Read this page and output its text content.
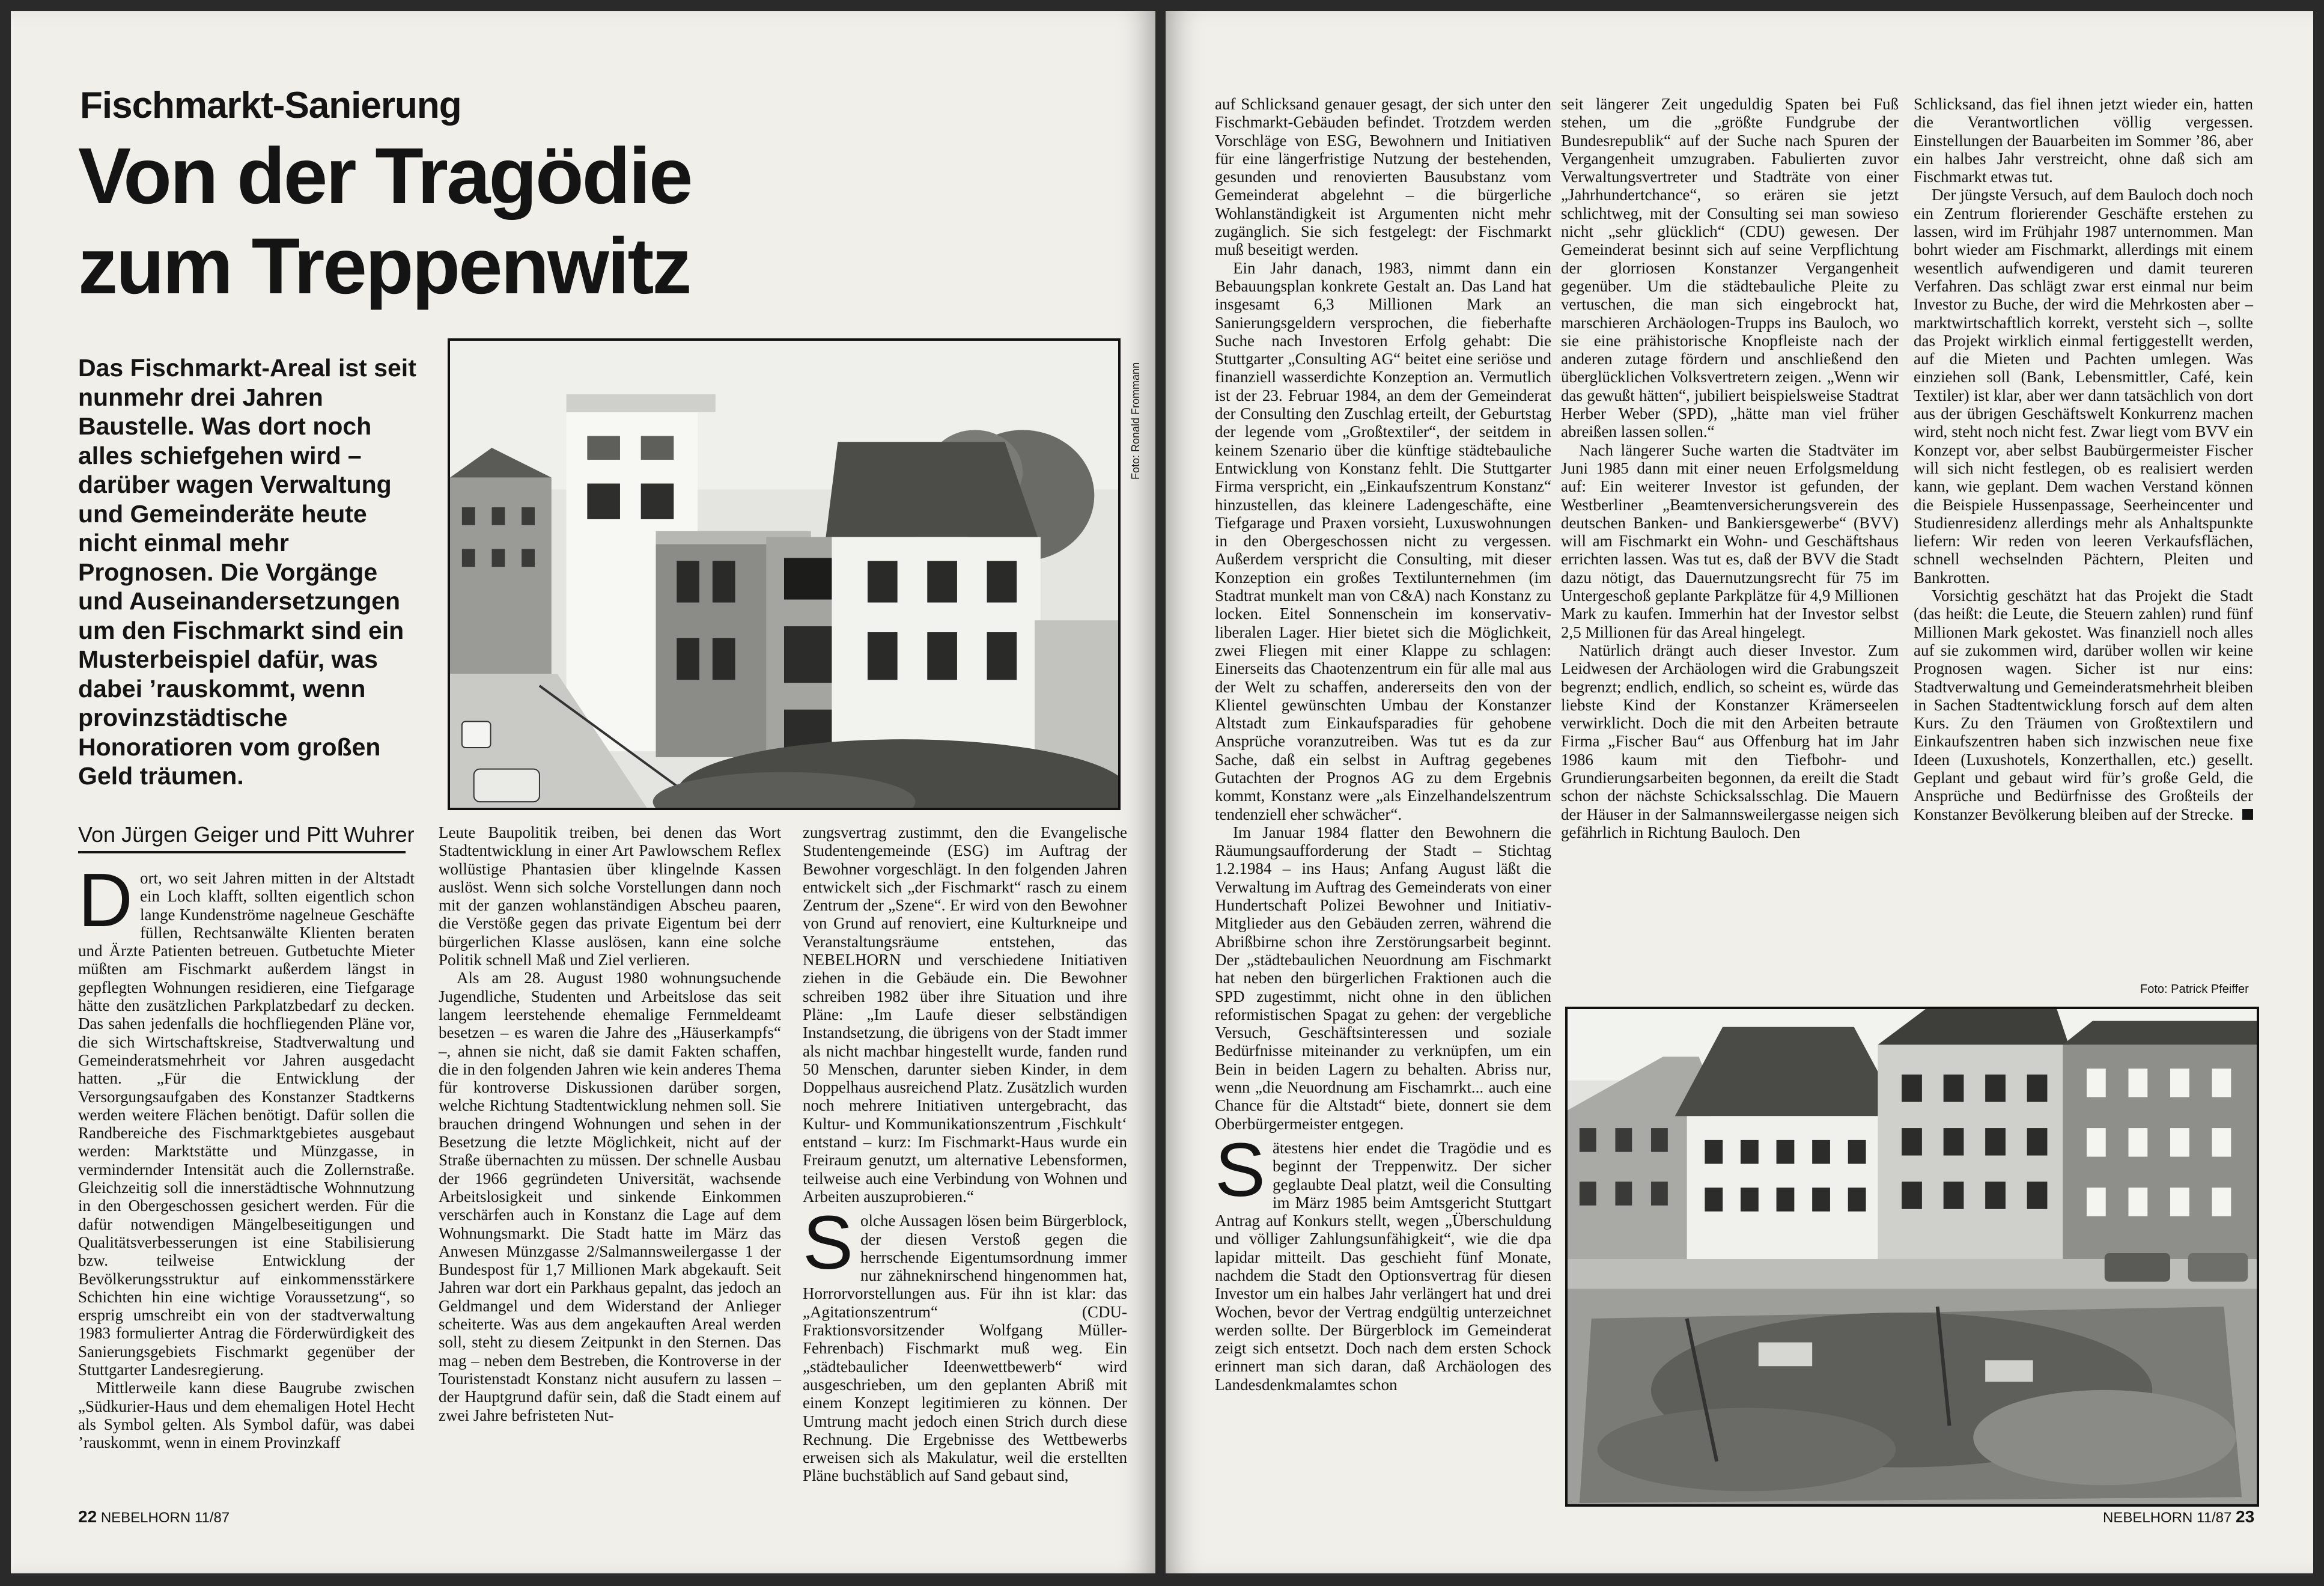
Fischmarkt-Sanierung
Von der Tragödie
zum Treppenwitz
Das Fischmarkt-Areal ist seit
nunmehr drei Jahren
Baustelle. Was dort noch
alles schiefgehen wird –
darüber wagen Verwaltung
und Gemeinderäte heute
nicht einmal mehr
Prognosen. Die Vorgänge
und Auseinandersetzungen
um den Fischmarkt sind ein
Musterbeispiel dafür, was
dabei ’rauskommt, wenn
provinzstädtische
Honoratioren vom großen
Geld träumen.
Foto: Ronald Frommann
Von Jürgen Geiger und Pitt Wuhrer

Dort, wo seit Jahren mitten in der Altstadt ein Loch klafft, sollten eigentlich schon lange Kundenströme nagelneue Geschäfte füllen, Rechtsanwälte Klienten beraten und Ärzte Patienten betreuen. Gutbetuchte Mieter müßten am Fischmarkt außerdem längst in gepflegten Wohnungen residieren, eine Tiefgarage hätte den zusätzlichen Parkplatzbedarf zu decken. Das sahen jedenfalls die hochfliegenden Pläne vor, die sich Wirtschaftskreise, Stadtverwaltung und Gemeinderatsmehrheit vor Jahren ausgedacht hatten. „Für die Entwicklung der Versorgungsaufgaben des Konstanzer Stadtkerns werden weitere Flächen benötigt. Dafür sollen die Randbereiche des Fischmarktgebietes ausgebaut werden: Marktstätte und Münzgasse, in vermindernder Intensität auch die Zollernstraße. Gleichzeitig soll die innerstädtische Wohnnutzung in den Obergeschossen gesichert werden. Für die dafür notwendigen Mängelbeseitigungen und Qualitätsverbesserungen ist eine Stabilisierung bzw. teilweise Entwicklung der Bevölkerungsstruktur auf einkommensstärkere Schichten hin eine wichtige Voraussetzung“, so ersprig umschreibt ein von der stadtverwaltung 1983 formulierter Antrag die Förderwürdigkeit des Sanierungsgebiets Fischmarkt gegenüber der Stuttgarter Landesregierung.

Mittlerweile kann diese Baugrube zwischen „Südkurier-Haus und dem ehemaligen Hotel Hecht als Symbol gelten. Als Symbol dafür, was dabei ’rauskommt, wenn in einem Provinzkaff

Leute Baupolitik treiben, bei denen das Wort Stadtentwicklung in einer Art Pawlowschem Reflex wollüstige Phantasien über klingelnde Kassen auslöst. Wenn sich solche Vorstellungen dann noch mit der ganzen wohlanständigen Abscheu paaren, die Verstöße gegen das private Eigentum bei derr bürgerlichen Klasse auslösen, kann eine solche Politik schnell Maß und Ziel verlieren.

Als am 28. August 1980 wohnungsuchende Jugendliche, Studenten und Arbeitslose das seit langem leerstehende ehemalige Fernmeldeamt besetzen – es waren die Jahre des „Häuserkampfs“ –, ahnen sie nicht, daß sie damit Fakten schaffen, die in den folgenden Jahren wie kein anderes Thema für kontroverse Diskussionen darüber sorgen, welche Richtung Stadtentwicklung nehmen soll. Sie brauchen dringend Wohnungen und sehen in der Besetzung die letzte Möglichkeit, nicht auf der Straße übernachten zu müssen. Der schnelle Ausbau der 1966 gegründeten Universität, wachsende Arbeitslosigkeit und sinkende Einkommen verschärfen auch in Konstanz die Lage auf dem Wohnungsmarkt. Die Stadt hatte im März das Anwesen Münzgasse 2/Salmannsweilergasse 1 der Bundespost für 1,7 Millionen Mark abgekauft. Seit Jahren war dort ein Parkhaus gepalnt, das jedoch an Geldmangel und dem Widerstand der Anlieger scheiterte. Was aus dem angekauften Areal werden soll, steht zu diesem Zeitpunkt in den Sternen. Das mag – neben dem Bestreben, die Kontroverse in der Touristenstadt Konstanz nicht ausufern zu lassen – der Hauptgrund dafür sein, daß die Stadt einem auf zwei Jahre befristeten Nut-

zungsvertrag zustimmt, den die Evangelische Studentengemeinde (ESG) im Auftrag der Bewohner vorgeschlägt. In den folgenden Jahren entwickelt sich „der Fischmarkt“ rasch zu einem Zentrum der „Szene“. Er wird von den Bewohner von Grund auf renoviert, eine Kulturkneipe und Veranstaltungsräume entstehen, das NEBELHORN und verschiedene Initiativen ziehen in die Gebäude ein. Die Bewohner schreiben 1982 über ihre Situation und ihre Pläne: „Im Laufe dieser selbständigen Instandsetzung, die übrigens von der Stadt immer als nicht machbar hingestellt wurde, fanden rund 50 Menschen, darunter sieben Kinder, in dem Doppelhaus ausreichend Platz. Zusätzlich wurden noch mehrere Initiativen untergebracht, das Kultur- und Kommunikationszentrum ‚Fischkult‘ entstand – kurz: Im Fischmarkt-Haus wurde ein Freiraum genutzt, um alternative Lebensformen, teilweise auch eine Verbindung von Wohnen und Arbeiten auszuprobieren.“

Solche Aussagen lösen beim Bürgerblock, der diesen Verstoß gegen die herrschende Eigentumsordnung immer nur zähneknirschend hingenommen hat, Horrorvorstellungen aus. Für ihn ist klar: das „Agitationszentrum“ (CDU-Fraktionsvorsitzender Wolfgang Müller-Fehrenbach) Fischmarkt muß weg. Ein „städtebaulicher Ideenwettbewerb“ wird ausgeschrieben, um den geplanten Abriß mit einem Konzept legitimieren zu können. Der Umtrung macht jedoch einen Strich durch diese Rechnung. Die Ergebnisse des Wettbewerbs erweisen sich als Makulatur, weil die erstellten Pläne buchstäblich auf Sand gebaut sind,

22 NEBELHORN 11/87

auf Schlicksand genauer gesagt, der sich unter den Fischmarkt-Gebäuden befindet. Trotzdem werden Vorschläge von ESG, Bewohnern und Initiativen für eine längerfristige Nutzung der bestehenden, gesunden und renovierten Bausubstanz vom Gemeinderat abgelehnt – die bürgerliche Wohlanständigkeit ist Argumenten nicht mehr zugänglich. Sie sich festgelegt: der Fischmarkt muß beseitigt werden.

Ein Jahr danach, 1983, nimmt dann ein Bebauungsplan konkrete Gestalt an. Das Land hat insgesamt 6,3 Millionen Mark an Sanierungsgeldern versprochen, die fieberhafte Suche nach Investoren Erfolg gehabt: Die Stuttgarter „Consulting AG“ beitet eine seriöse und finanziell wasserdichte Konzeption an. Vermutlich ist der 23. Februar 1984, an dem der Gemeinderat der Consulting den Zuschlag erteilt, der Geburtstag der legende vom „Großtextiler“, der seitdem in keinem Szenario über die künftige städtebauliche Entwicklung von Konstanz fehlt. Die Stuttgarter Firma verspricht, ein „Einkaufszentrum Konstanz“ hinzustellen, das kleinere Ladengeschäfte, eine Tiefgarage und Praxen vorsieht, Luxuswohnungen in den Obergeschossen nicht zu vergessen. Außerdem verspricht die Consulting, mit dieser Konzeption ein großes Textilunternehmen (im Stadtrat munkelt man von C&A) nach Konstanz zu locken. Eitel Sonnenschein im konservativ-liberalen Lager. Hier bietet sich die Möglichkeit, zwei Fliegen mit einer Klappe zu schlagen: Einerseits das Chaotenzentrum ein für alle mal aus der Welt zu schaffen, andererseits den von der Klientel gewünschten Umbau der Konstanzer Altstadt zum Einkaufsparadies für gehobene Ansprüche voranzutreiben. Was tut es da zur Sache, daß ein selbst in Auftrag gegebenes Gutachten der Prognos AG zu dem Ergebnis kommt, Konstanz were „als Einzelhandelszentrum tendenziell eher schwächer“.

Im Januar 1984 flatter den Bewohnern die Räumungsaufforderung der Stadt – Stichtag 1.2.1984 – ins Haus; Anfang August läßt die Verwaltung im Auftrag des Gemeinderats von einer Hundertschaft Polizei Bewohner und Initiativ-Mitglieder aus den Gebäuden zerren, während die Abrißbirne schon ihre Zerstörungsarbeit beginnt. Der „städtebaulichen Neuordnung am Fischmarkt hat neben den bürgerlichen Fraktionen auch die SPD zugestimmt, nicht ohne in den üblichen reformistischen Spagat zu gehen: der vergebliche Versuch, Geschäftsinteressen und soziale Bedürfnisse miteinander zu verknüpfen, um ein Bein in beiden Lagern zu behalten. Abriss nur, wenn „die Neuordnung am Fischamrkt... auch eine Chance für die Altstadt“ biete, donnert sie dem Oberbürgermeister entgegen.

Sätestens hier endet die Tragödie und es beginnt der Treppenwitz. Der sicher geglaubte Deal platzt, weil die Consulting im März 1985 beim Amtsgericht Stuttgart Antrag auf Konkurs stellt, wegen „Überschuldung und völliger Zahlungsunfähigkeit“, wie die dpa lapidar mitteilt. Das geschieht fünf Monate, nachdem die Stadt den Optionsvertrag für diesen Investor um ein halbes Jahr verlängert hat und drei Wochen, bevor der Vertrag endgültig unterzeichnet werden sollte. Der Bürgerblock im Gemeinderat zeigt sich entsetzt. Doch nach dem ersten Schock erinnert man sich daran, daß Archäologen des Landesdenkmalamtes schon

seit längerer Zeit ungeduldig Spaten bei Fuß stehen, um die „größte Fundgrube der Bundesrepublik“ auf der Suche nach Spuren der Vergangenheit umzugraben. Fabulierten zuvor Verwaltungsvertreter und Stadträte von einer „Jahrhundertchance“, so erären sie jetzt schlichtweg, mit der Consulting sei man sowieso nicht „sehr glücklich“ (CDU) gewesen. Der Gemeinderat besinnt sich auf seine Verpflichtung der glorriosen Konstanzer Vergangenheit gegenüber. Um die städtebauliche Pleite zu vertuschen, die man sich eingebrockt hat, marschieren Archäologen-Trupps ins Bauloch, wo sie eine prähistorische Knopfleiste nach der anderen zutage fördern und anschließend den überglücklichen Volksvertretern zeigen. „Wenn wir das gewußt hätten“, jubiliert beispielsweise Stadtrat Herber Weber (SPD), „hätte man viel früher abreißen lassen sollen.“

Nach längerer Suche warten die Stadtväter im Juni 1985 dann mit einer neuen Erfolgsmeldung auf: Ein weiterer Investor ist gefunden, der Westberliner „Beamtenversicherungsverein des deutschen Banken- und Bankiersgewerbe“ (BVV) will am Fischmarkt ein Wohn- und Geschäftshaus errichten lassen. Was tut es, daß der BVV die Stadt dazu nötigt, das Dauernutzungsrecht für 75 im Untergeschoß geplante Parkplätze für 4,9 Millionen Mark zu kaufen. Immerhin hat der Investor selbst 2,5 Millionen für das Areal hingelegt.

Natürlich drängt auch dieser Investor. Zum Leidwesen der Archäologen wird die Grabungszeit begrenzt; endlich, endlich, so scheint es, würde das liebste Kind der Konstanzer Krämerseelen verwirklicht. Doch die mit den Arbeiten betraute Firma „Fischer Bau“ aus Offenburg hat im Jahr 1986 kaum mit den Tiefbohr- und Grundierungsarbeiten begonnen, da ereilt die Stadt schon der nächste Schicksalsschlag. Die Mauern der Häuser in der Salmannsweilergasse neigen sich gefährlich in Richtung Bauloch. Den

Schlicksand, das fiel ihnen jetzt wieder ein, hatten die Verantwortlichen völlig vergessen. Einstellungen der Bauarbeiten im Sommer ’86, aber ein halbes Jahr verstreicht, ohne daß sich am Fischmarkt etwas tut.

Der jüngste Versuch, auf dem Bauloch doch noch ein Zentrum florierender Geschäfte erstehen zu lassen, wird im Frühjahr 1987 unternommen. Man bohrt wieder am Fischmarkt, allerdings mit einem wesentlich aufwendigeren und damit teureren Verfahren. Das schlägt zwar erst einmal nur beim Investor zu Buche, der wird die Mehrkosten aber – marktwirtschaftlich korrekt, versteht sich –, sollte das Projekt wirklich einmal fertiggestellt werden, auf die Mieten und Pachten umlegen. Was einziehen soll (Bank, Lebensmittler, Café, kein Textiler) ist klar, aber wer dann tatsächlich von dort aus der übrigen Geschäftswelt Konkurrenz machen wird, steht noch nicht fest. Zwar liegt vom BVV ein Konzept vor, aber selbst Baubürgermeister Fischer will sich nicht festlegen, ob es realisiert werden kann, wie geplant. Dem wachen Verstand können die Beispiele Hussenpassage, Seerheincenter und Studienresidenz allerdings mehr als Anhaltspunkte liefern: Wir reden von leeren Verkaufsflächen, schnell wechselnden Pächtern, Pleiten und Bankrotten.

Vorsichtig geschätzt hat das Projekt die Stadt (das heißt: die Leute, die Steuern zahlen) rund fünf Millionen Mark gekostet. Was finanziell noch alles auf sie zukommen wird, darüber wollen wir keine Prognosen wagen. Sicher ist nur eins: Stadtverwaltung und Gemeinderatsmehrheit bleiben in Sachen Stadtentwicklung forsch auf dem alten Kurs. Zu den Träumen von Großtextilern und Einkaufszentren haben sich inzwischen neue fixe Ideen (Luxushotels, Konzerthallen, etc.) gesellt. Geplant und gebaut wird für’s große Geld, die Ansprüche und Bedürfnisse des Großteils der Konstanzer Bevölkerung bleiben auf der Strecke.

Foto: Patrick Pfeiffer
NEBELHORN 11/87 23
